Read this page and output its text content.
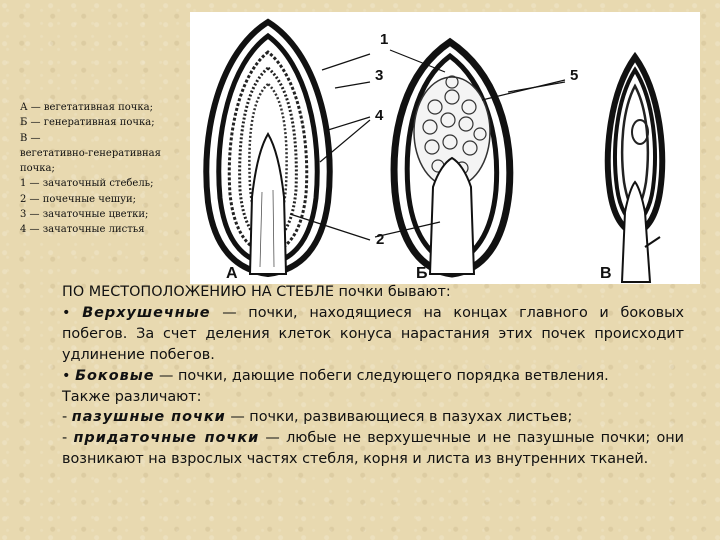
1
3
4
5
2
А	Б	В
А — вегетативная почка;
Б — генеративная почка;
В —
вегетативно-генеративная
почка;
1 — зачаточный стебель;
2 — почечные чешуи;
3 — зачаточные цветки;
4 — зачаточные листья

ПО МЕСТОПОЛОЖЕНИЮ НА СТЕБЛЕ почки бывают:

• Верхушечные — почки, находящиеся на концах главного и боковых побегов. За счет деления клеток конуса нарастания этих почек происходит удлинение побегов.

• Боковые — почки, дающие побеги следующего порядка ветвления.

Также различают:

- пазушные почки — почки, развивающиеся в пазухах листьев;

- придаточные почки — любые не верхушечные и не пазушные почки; они возникают на взрослых частях стебля, корня и листа из внутренних тканей.
